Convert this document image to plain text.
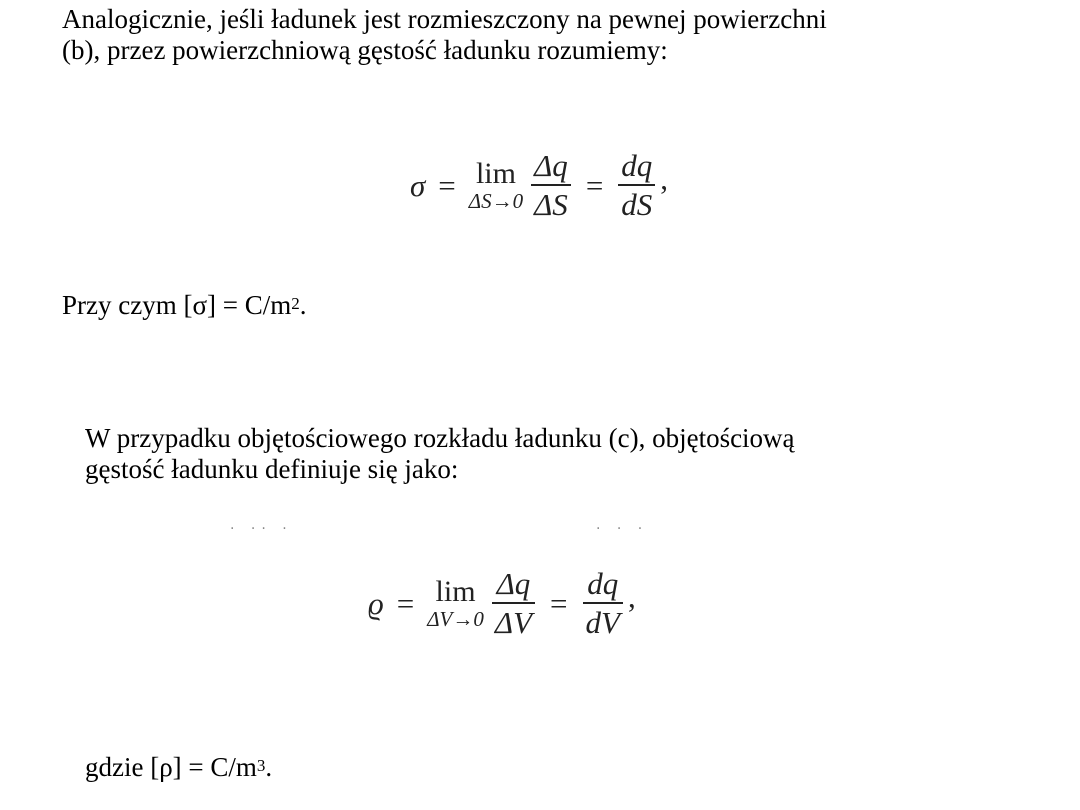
Analogicznie, jeśli ładunek jest rozmieszczony na pewnej powierzchni
(b), przez powierzchniową gęstość ładunku rozumiemy:

σ = lim
$\Delta S\to 0 \frac{\Delta q}{\Delta S} = \frac{dq}{dS}$ ,

Przy czym $[\sigma] = C/m^2$.

W przypadku objętościowego rozkładu ładunku (c), objętościową
gęstość ładunku definiuje się jako:

· ·· ·	· · ·
ϱ = lim
$\Delta V\to 0 \frac{\Delta q}{\Delta V} = \frac{dq}{dV}$ ,

gdzie $[\rho] = C/m^3$.
